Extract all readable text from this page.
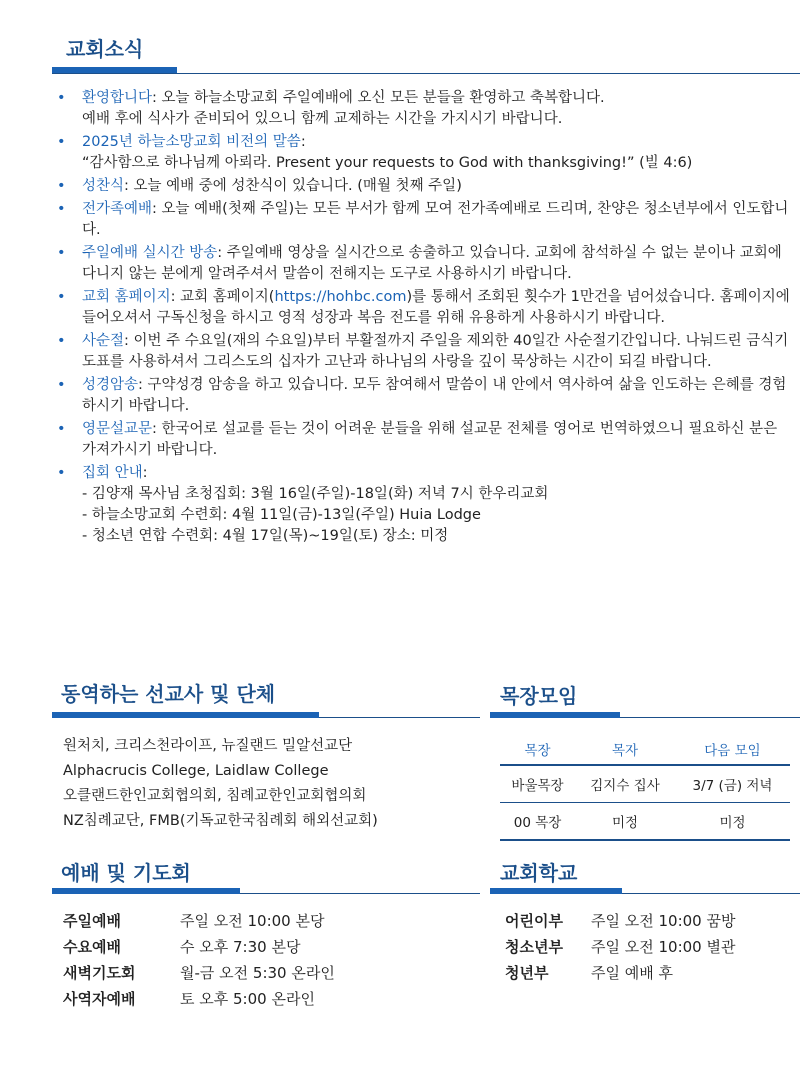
교회소식
• 환영합니다: 오늘 하늘소망교회 주일예배에 오신 모든 분들을 환영하고 축복합니다.
예배 후에 식사가 준비되어 있으니 함께 교제하는 시간을 가지시기 바랍니다.
• 2025년 하늘소망교회 비전의 말씀:
“감사함으로 하나님께 아뢰라. Present your requests to God with thanksgiving!” (빌 4:6)
• 성찬식: 오늘 예배 중에 성찬식이 있습니다. (매월 첫째 주일)
• 전가족예배: 오늘 예배(첫째 주일)는 모든 부서가 함께 모여 전가족예배로 드리며, 찬양은 청소년부에서 인도합니다.
• 주일예배 실시간 방송: 주일예배 영상을 실시간으로 송출하고 있습니다. 교회에 참석하실 수 없는 분이나 교회에 다니지 않는 분에게 알려주셔서 말씀이 전해지는 도구로 사용하시기 바랍니다.
• 교회 홈페이지: 교회 홈페이지(https://hohbc.com)를 통해서 조회된 횟수가 1만건을 넘어섰습니다. 홈페이지에 들어오셔서 구독신청을 하시고 영적 성장과 복음 전도를 위해 유용하게 사용하시기 바랍니다.
• 사순절: 이번 주 수요일(재의 수요일)부터 부활절까지 주일을 제외한 40일간 사순절기간입니다. 나눠드린 금식기도표를 사용하셔서 그리스도의 십자가 고난과 하나님의 사랑을 깊이 묵상하는 시간이 되길 바랍니다.
• 성경암송: 구약성경 암송을 하고 있습니다. 모두 참여해서 말씀이 내 안에서 역사하여 삶을 인도하는 은혜를 경험하시기 바랍니다.
• 영문설교문: 한국어로 설교를 듣는 것이 어려운 분들을 위해 설교문 전체를 영어로 번역하였으니 필요하신 분은 가져가시기 바랍니다.
• 집회 안내:
- 김양재 목사님 초청집회: 3월 16일(주일)-18일(화) 저녁 7시 한우리교회
- 하늘소망교회 수련회: 4월 11일(금)-13일(주일) Huia Lodge
- 청소년 연합 수련회: 4월 17일(목)~19일(토) 장소: 미정
동역하는 선교사 및 단체
원처치, 크리스천라이프, 뉴질랜드 밀알선교단
Alphacrucis College, Laidlaw College
오클랜드한인교회협의회, 침례교한인교회협의회
NZ침례교단, FMB(기독교한국침례회 해외선교회)
목장모임
목장	목자	다음 모임
바울목장	김지수 집사	3/7 (금) 저녁
00 목장	미정	미정
예배 및 기도회
주일예배	주일 오전 10:00 본당
수요예배	수 오후 7:30 본당
새벽기도회	월-금 오전 5:30 온라인
사역자예배	토 오후 5:00 온라인
교회학교
어린이부	주일 오전 10:00 꿈방
청소년부	주일 오전 10:00 별관
청년부	주일 예배 후
